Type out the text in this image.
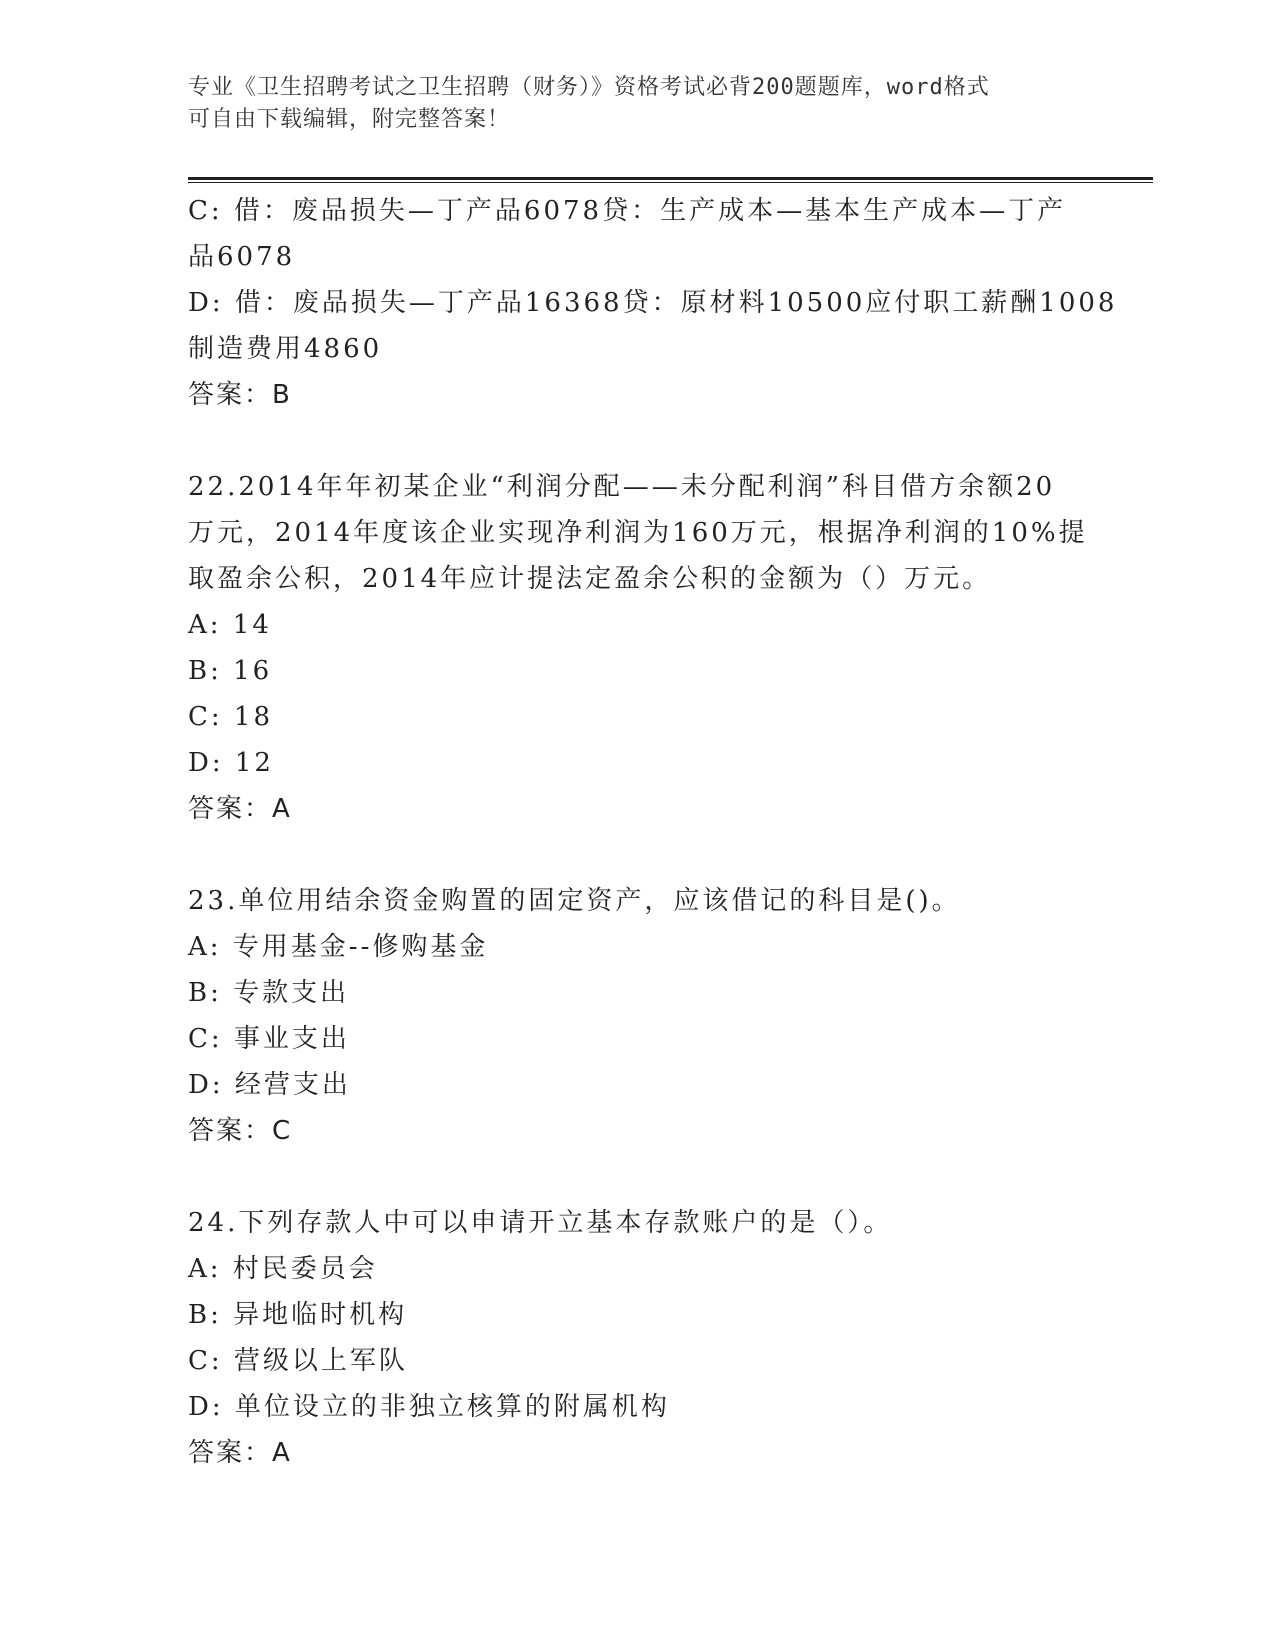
专业《卫生招聘考试之卫生招聘（财务）》资格考试必背200题题库，word格式
可自由下载编辑，附完整答案！
C: 借：废品损失—丁产品6078贷：生产成本—基本生产成本—丁产
品6078
D: 借：废品损失—丁产品16368贷：原材料10500应付职工薪酬1008
制造费用4860
答案：B
22.2014年年初某企业“利润分配——未分配利润”科目借方余额20
万元，2014年度该企业实现净利润为160万元，根据净利润的10%提
取盈余公积，2014年应计提法定盈余公积的金额为（）万元。
A: 14
B: 16
C: 18
D: 12
答案：A
23.单位用结余资金购置的固定资产，应该借记的科目是()。
A: 专用基金--修购基金
B: 专款支出
C: 事业支出
D: 经营支出
答案：C
24.下列存款人中可以申请开立基本存款账户的是（）。
A: 村民委员会
B: 异地临时机构
C: 营级以上军队
D: 单位设立的非独立核算的附属机构
答案：A
